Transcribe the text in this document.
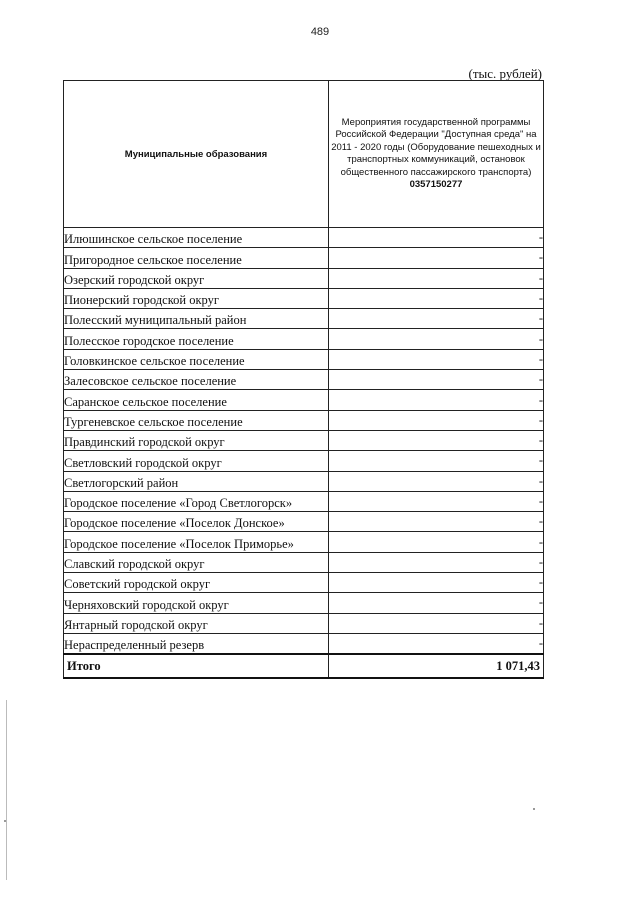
489
(тыс. рублей)
Муниципальные образования	Мероприятия государственной программы Российской Федерации "Доступная среда" на 2011 - 2020 годы (Оборудование пешеходных и транспортных коммуникаций, остановок общественного пассажирского транспорта)
0357150277

Илюшинское сельское поселение	-
Пригородное сельское поселение	-
Озерский городской округ	-
Пионерский городской округ	-
Полесский муниципальный район	-
Полесское городское поселение	-
Головкинское сельское поселение	-
Залесовское сельское поселение	-
Саранское сельское поселение	-
Тургеневское сельское поселение	-
Правдинский городской округ	-
Светловский городской округ	-
Светлогорский район	-
Городское поселение «Город Светлогорск»	-
Городское поселение «Поселок Донское»	-
Городское поселение «Поселок Приморье»	-
Славский городской округ	-
Советский городской округ	-
Черняховский городской округ	-
Янтарный городской округ	-
Нераспределенный резерв	-
Итого	1 071,43
